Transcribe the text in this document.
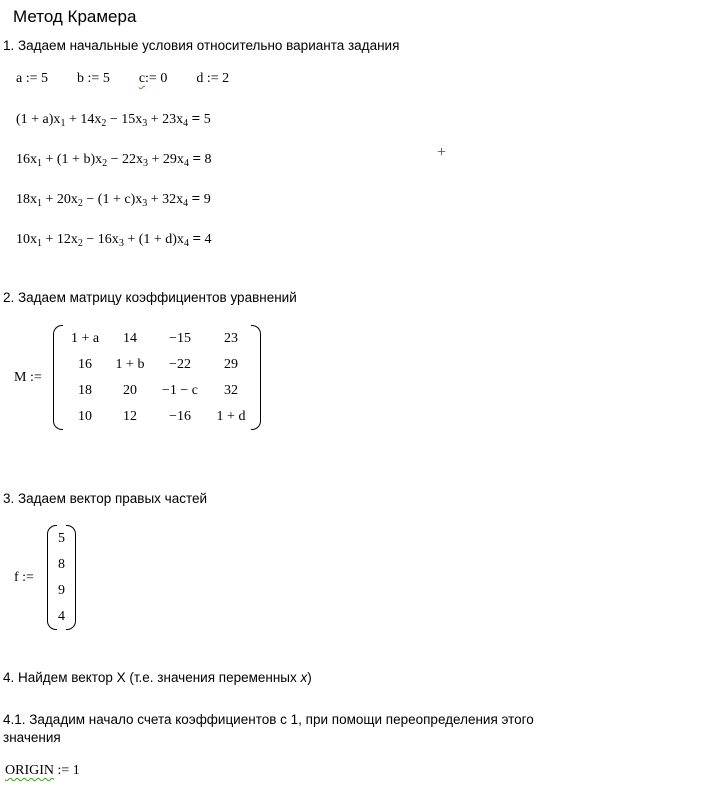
Метод Крамера
1. Задаем начальные условия относительно варианта задания
a := 5 b := 5 c:= 0 d := 2
$(1 + a)x_1 + 14x_2 - 15x_3 + 23x_4 = 5$
$16x_1 + (1 + b)x_2 - 22x_3 + 29x_4 = 8$	+
$18x_1 + 20x_2 - (1 + c)x_3 + 32x_4 = 9$
$10x_1 + 12x_2 - 16x_3 + (1 + d)x_4 = 4$
2. Задаем матрицу коэффициентов уравнений
M :=
1 + a	14	−15	23
16	1 + b	−22	29
18	20	−1 − c	32
10	12	−16	1 + d
3. Задаем вектор правых частей
f :=
5
8
9
4
4. Найдем вектор X (т.е. значения переменных x)
4.1. Зададим начало счета коэффициентов с 1, при помощи переопределения этого
значения
ORIGIN := 1
